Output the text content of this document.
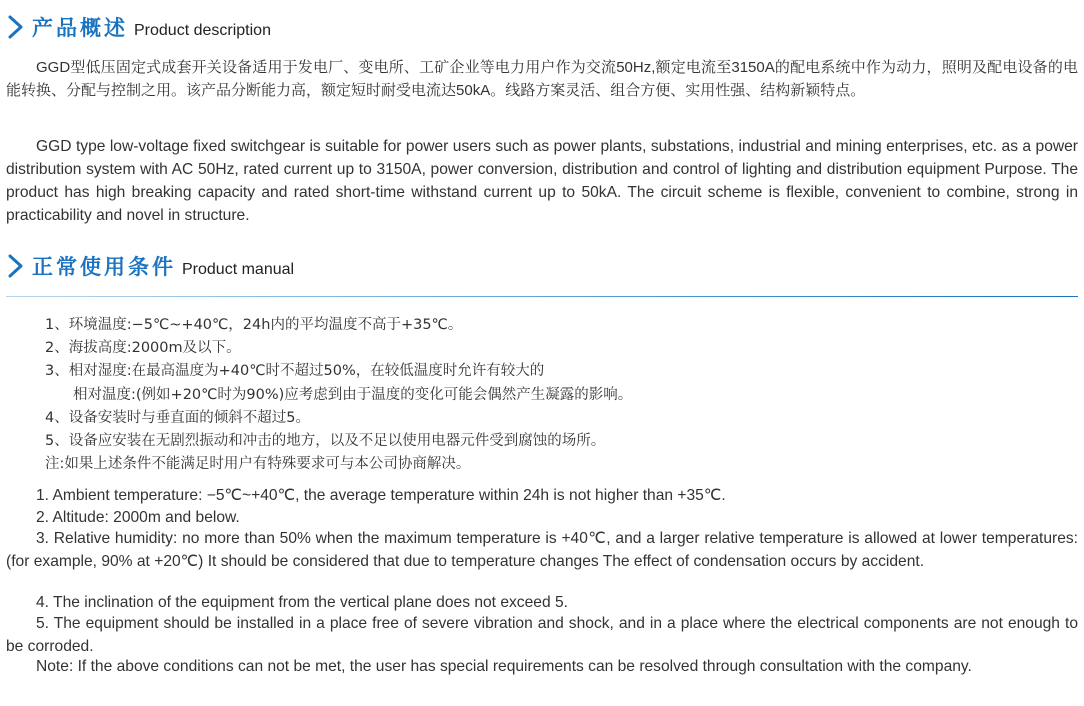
产品概述 Product description

GGD型低压固定式成套开关设备适用于发电厂、变电所、工矿企业等电力用户作为交流50Hz,额定电流至3150A的配电系统中作为动力，照明及配电设备的电能转换、分配与控制之用。该产品分断能力高，额定短时耐受电流达50kA。线路方案灵活、组合方便、实用性强、结构新颖特点。

GGD type low-voltage fixed switchgear is suitable for power users such as power plants, substations, industrial and mining enterprises, etc. as a power distribution system with AC 50Hz, rated current up to 3150A, power conversion, distribution and control of lighting and distribution equipment Purpose. The product has high breaking capacity and rated short-time withstand current up to 50kA. The circuit scheme is flexible, convenient to combine, strong in practicability and novel in structure.

正常使用条件 Product manual
1、环境温度:−5℃~+40℃，24h内的平均温度不高于+35℃。
2、海拔高度:2000m及以下。
3、相对湿度:在最高温度为+40℃时不超过50%，在较低温度时允许有较大的
相对温度:(例如+20℃时为90%)应考虑到由于温度的变化可能会偶然产生凝露的影响。
4、设备安装时与垂直面的倾斜不超过5。
5、设备应安装在无剧烈振动和冲击的地方，以及不足以使用电器元件受到腐蚀的场所。
注:如果上述条件不能满足时用户有特殊要求可与本公司协商解决。

1. Ambient temperature: −5℃~+40℃, the average temperature within 24h is not higher than +35℃.

2. Altitude: 2000m and below.

3. Relative humidity: no more than 50% when the maximum temperature is +40℃, and a larger relative temperature is allowed at lower temperatures: (for example, 90% at +20℃) It should be considered that due to temperature changes The effect of condensation occurs by accident.

4. The inclination of the equipment from the vertical plane does not exceed 5.

5. The equipment should be installed in a place free of severe vibration and shock, and in a place where the electrical components are not enough to be corroded.

Note: If the above conditions can not be met, the user has special requirements can be resolved through consultation with the company.
